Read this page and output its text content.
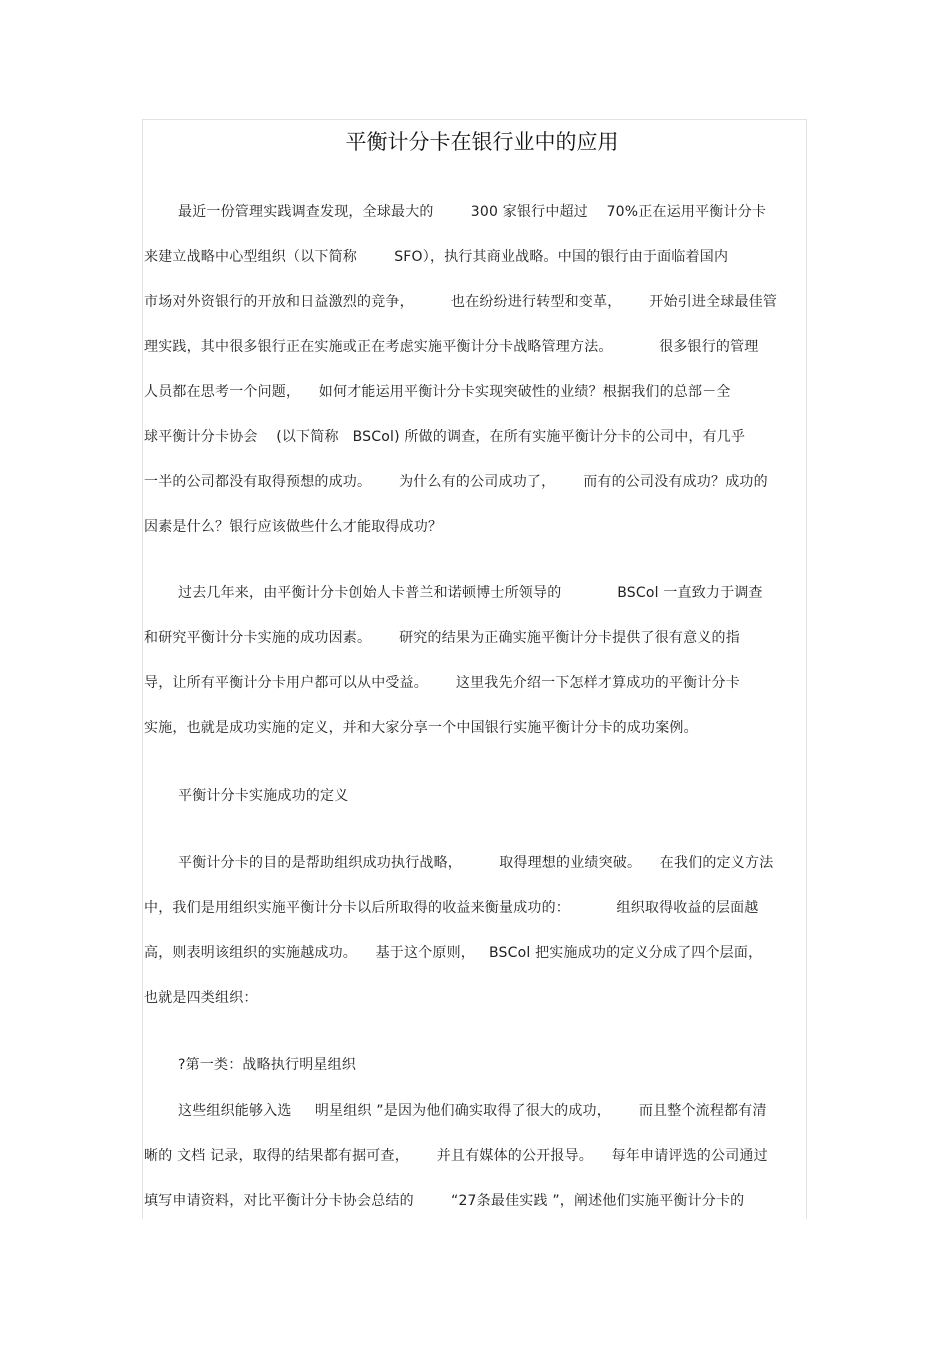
平衡计分卡在银行业中的应用
最近一份管理实践调查发现，全球最大的        300 家银行中超过    70%正在运用平衡计分卡
来建立战略中心型组织（以下简称        SFO），执行其商业战略。中国的银行由于面临着国内
市场对外资银行的开放和日益激烈的竞争，        也在纷纷进行转型和变革，      开始引进全球最佳管
理实践，其中很多银行正在实施或正在考虑实施平衡计分卡战略管理方法。          很多银行的管理
人员都在思考一个问题，    如何才能运用平衡计分卡实现突破性的业绩？根据我们的总部－全
球平衡计分卡协会    (以下简称   BSCol) 所做的调查，在所有实施平衡计分卡的公司中，有几乎
一半的公司都没有取得预想的成功。      为什么有的公司成功了，      而有的公司没有成功？成功的
因素是什么？银行应该做些什么才能取得成功？
过去几年来，由平衡计分卡创始人卡普兰和诺顿博士所领导的            BSCol 一直致力于调查
和研究平衡计分卡实施的成功因素。      研究的结果为正确实施平衡计分卡提供了很有意义的指
导，让所有平衡计分卡用户都可以从中受益。      这里我先介绍一下怎样才算成功的平衡计分卡
实施，也就是成功实施的定义，并和大家分享一个中国银行实施平衡计分卡的成功案例。
平衡计分卡实施成功的定义
平衡计分卡的目的是帮助组织成功执行战略，        取得理想的业绩突破。    在我们的定义方法
中，我们是用组织实施平衡计分卡以后所取得的收益来衡量成功的：          组织取得收益的层面越
高，则表明该组织的实施越成功。    基于这个原则，   BSCol 把实施成功的定义分成了四个层面，
也就是四类组织：
?第一类：战略执行明星组织
这些组织能够入选     明星组织 ”是因为他们确实取得了很大的成功，      而且整个流程都有清
晰的 文档 记录，取得的结果都有据可查，      并且有媒体的公开报导。    每年申请评选的公司通过
填写申请资料，对比平衡计分卡协会总结的        “27条最佳实践 ”，阐述他们实施平衡计分卡的
